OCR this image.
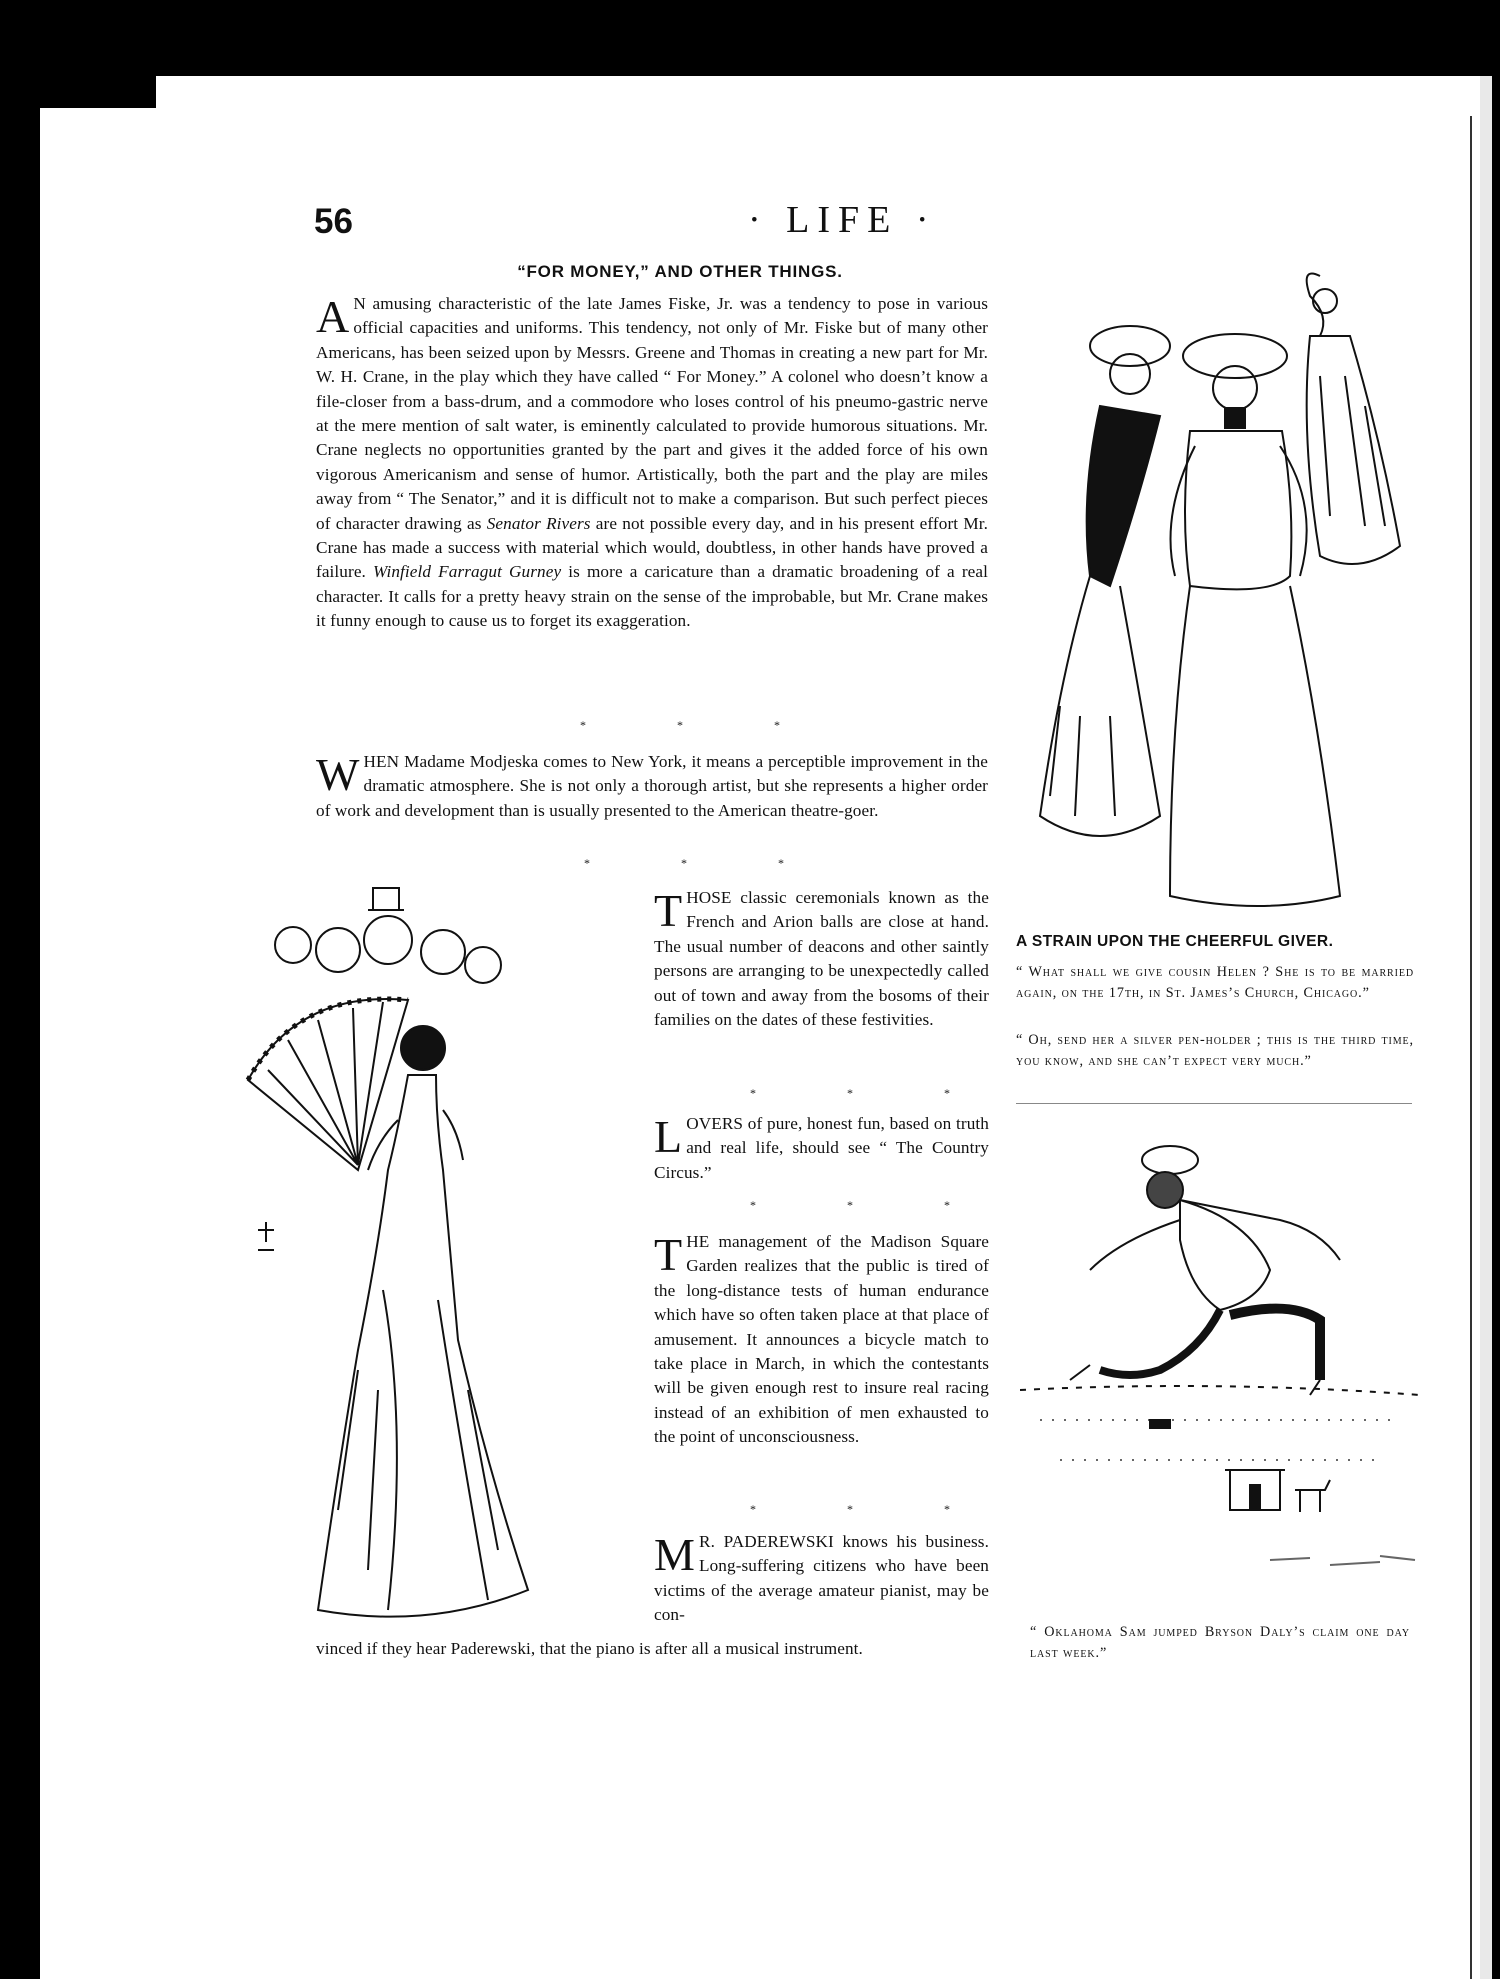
56	· LIFE ·

“FOR MONEY,” AND OTHER THINGS.

A N amusing characteristic of the late James Fiske, Jr. was a tendency to pose in various official capacities and uniforms. This tendency, not only of Mr. Fiske but of many other Americans, has been seized upon by Messrs. Greene and Thomas in creating a new part for Mr. W. H. Crane, in the play which they have called “ For Money.” A colonel who doesn’t know a file-closer from a bass-drum, and a commodore who loses control of his pneumo-gastric nerve at the mere mention of salt water, is eminently calculated to provide humorous situations. Mr. Crane neglects no opportunities granted by the part and gives it the added force of his own vigorous Americanism and sense of humor. Artistically, both the part and the play are miles away from “ The Senator,” and it is difficult not to make a comparison. But such perfect pieces of character drawing as Senator Rivers are not possible every day, and in his present effort Mr. Crane has made a success with material which would, doubtless, in other hands have proved a failure. Winfield Farragut Gurney is more a caricature than a dramatic broadening of a real character. It calls for a pretty heavy strain on the sense of the improbable, but Mr. Crane makes it funny enough to cause us to forget its exaggeration.

* * *

WHEN Madame Modjeska comes to New York, it means a perceptible improvement in the dramatic atmosphere. She is not only a thorough artist, but she represents a higher order of work and development than is usually presented to the American theatre-goer.

* * *

THOSE classic ceremonials known as the French and Arion balls are close at hand. The usual number of deacons and other saintly persons are arranging to be unexpectedly called out of town and away from the bosoms of their families on the dates of these festivities.

* * *

LOVERS of pure, honest fun, based on truth and real life, should see “ The Country Circus.”

* * *

THE management of the Madison Square Garden realizes that the public is tired of the long-distance tests of human endurance which have so often taken place at that place of amusement. It announces a bicycle match to take place in March, in which the contestants will be given enough rest to insure real racing instead of an exhibition of men exhausted to the point of unconsciousness.

* * *

M R. PADEREWSKI knows his business. Long-suffering citizens who have been victims of the average amateur pianist, may be con-

vinced if they hear Paderewski, that the piano is after all a musical instrument.

A STRAIN UPON THE CHEERFUL GIVER.

“ What shall we give cousin Helen ? She is to be married again, on the 17th, in St. James’s Church, Chicago.”

“ Oh, send her a silver pen-holder ; this is the third time, you know, and she can’t expect very much.”

“ Oklahoma Sam jumped Bryson Daly’s claim one day last week.”

comicbooks.com
